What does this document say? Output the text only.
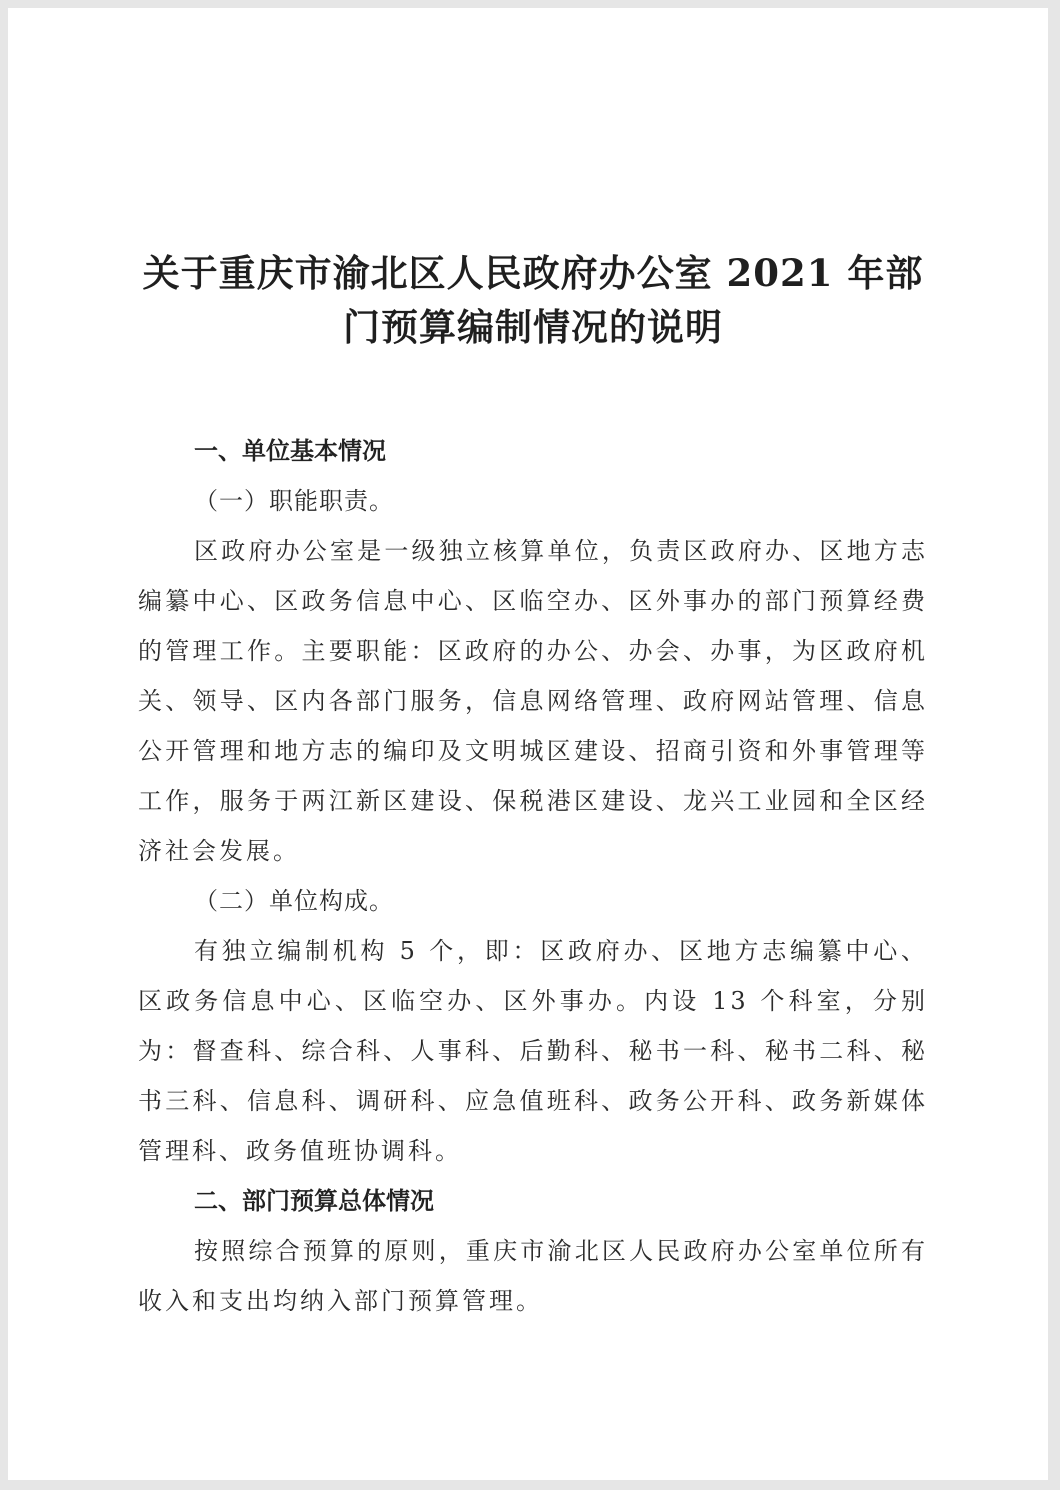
关于重庆市渝北区人民政府办公室 2021 年部
门预算编制情况的说明

一、单位基本情况

（一）职能职责。

区政府办公室是一级独立核算单位，负责区政府办、区地方志编纂中心、区政务信息中心、区临空办、区外事办的部门预算经费的管理工作。主要职能：区政府的办公、办会、办事，为区政府机关、领导、区内各部门服务，信息网络管理、政府网站管理、信息公开管理和地方志的编印及文明城区建设、招商引资和外事管理等工作，服务于两江新区建设、保税港区建设、龙兴工业园和全区经济社会发展。

（二）单位构成。

有独立编制机构 5 个，即：区政府办、区地方志编纂中心、区政务信息中心、区临空办、区外事办。内设 13 个科室，分别为：督查科、综合科、人事科、后勤科、秘书一科、秘书二科、秘书三科、信息科、调研科、应急值班科、政务公开科、政务新媒体管理科、政务值班协调科。

二、部门预算总体情况

按照综合预算的原则，重庆市渝北区人民政府办公室单位所有收入和支出均纳入部门预算管理。
